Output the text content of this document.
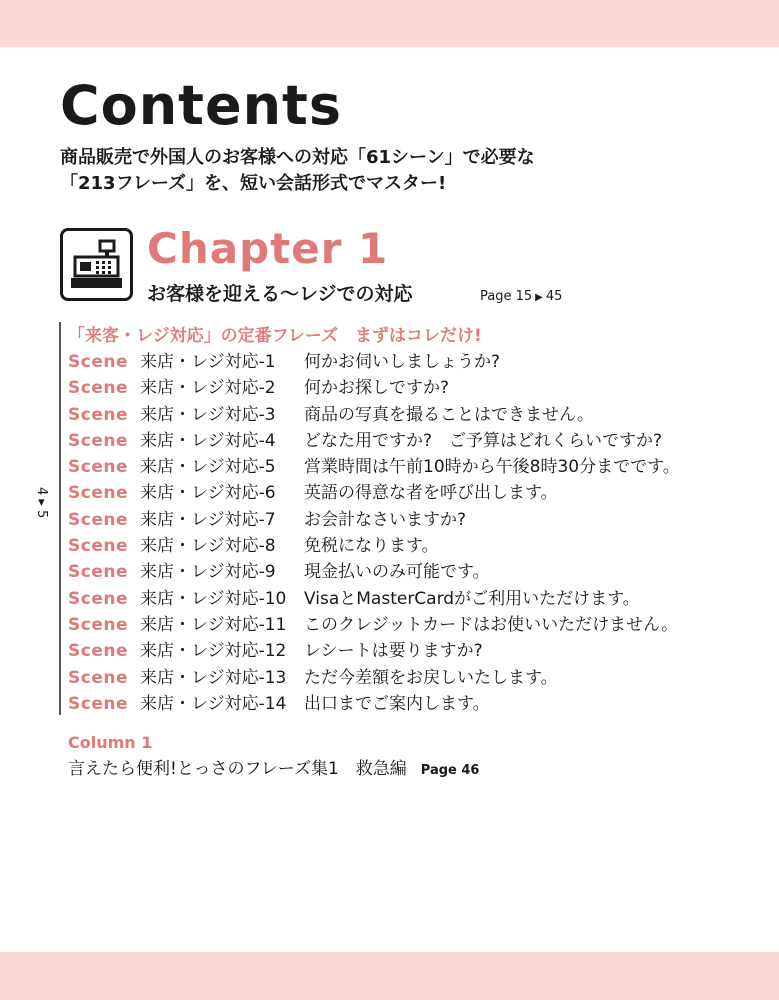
Contents
商品販売で外国人のお客様への対応「61シーン」で必要な
「213フレーズ」を、短い会話形式でマスター!
Chapter 1
お客様を迎える〜レジでの対応	Page 15 ▶ 45
「来客・レジ対応」の定番フレーズ　まずはコレだけ!
Scene 来店・レジ対応-1 何かお伺いしましょうか?
Scene 来店・レジ対応-2 何かお探しですか?
Scene 来店・レジ対応-3 商品の写真を撮ることはできません。
Scene 来店・レジ対応-4 どなた用ですか?　ご予算はどれくらいですか?
Scene 来店・レジ対応-5 営業時間は午前10時から午後8時30分までです。
Scene 来店・レジ対応-6 英語の得意な者を呼び出します。
Scene 来店・レジ対応-7 お会計なさいますか?
Scene 来店・レジ対応-8 免税になります。
Scene 来店・レジ対応-9 現金払いのみ可能です。
Scene 来店・レジ対応-10 VisaとMasterCardがご利用いただけます。
Scene 来店・レジ対応-11 このクレジットカードはお使いいただけません。
Scene 来店・レジ対応-12 レシートは要りますか?
Scene 来店・レジ対応-13 ただ今差額をお戻しいたします。
Scene 来店・レジ対応-14 出口までご案内します。
Column 1
言えたら便利!とっさのフレーズ集1　救急編 Page 46
4 ▸ 5
